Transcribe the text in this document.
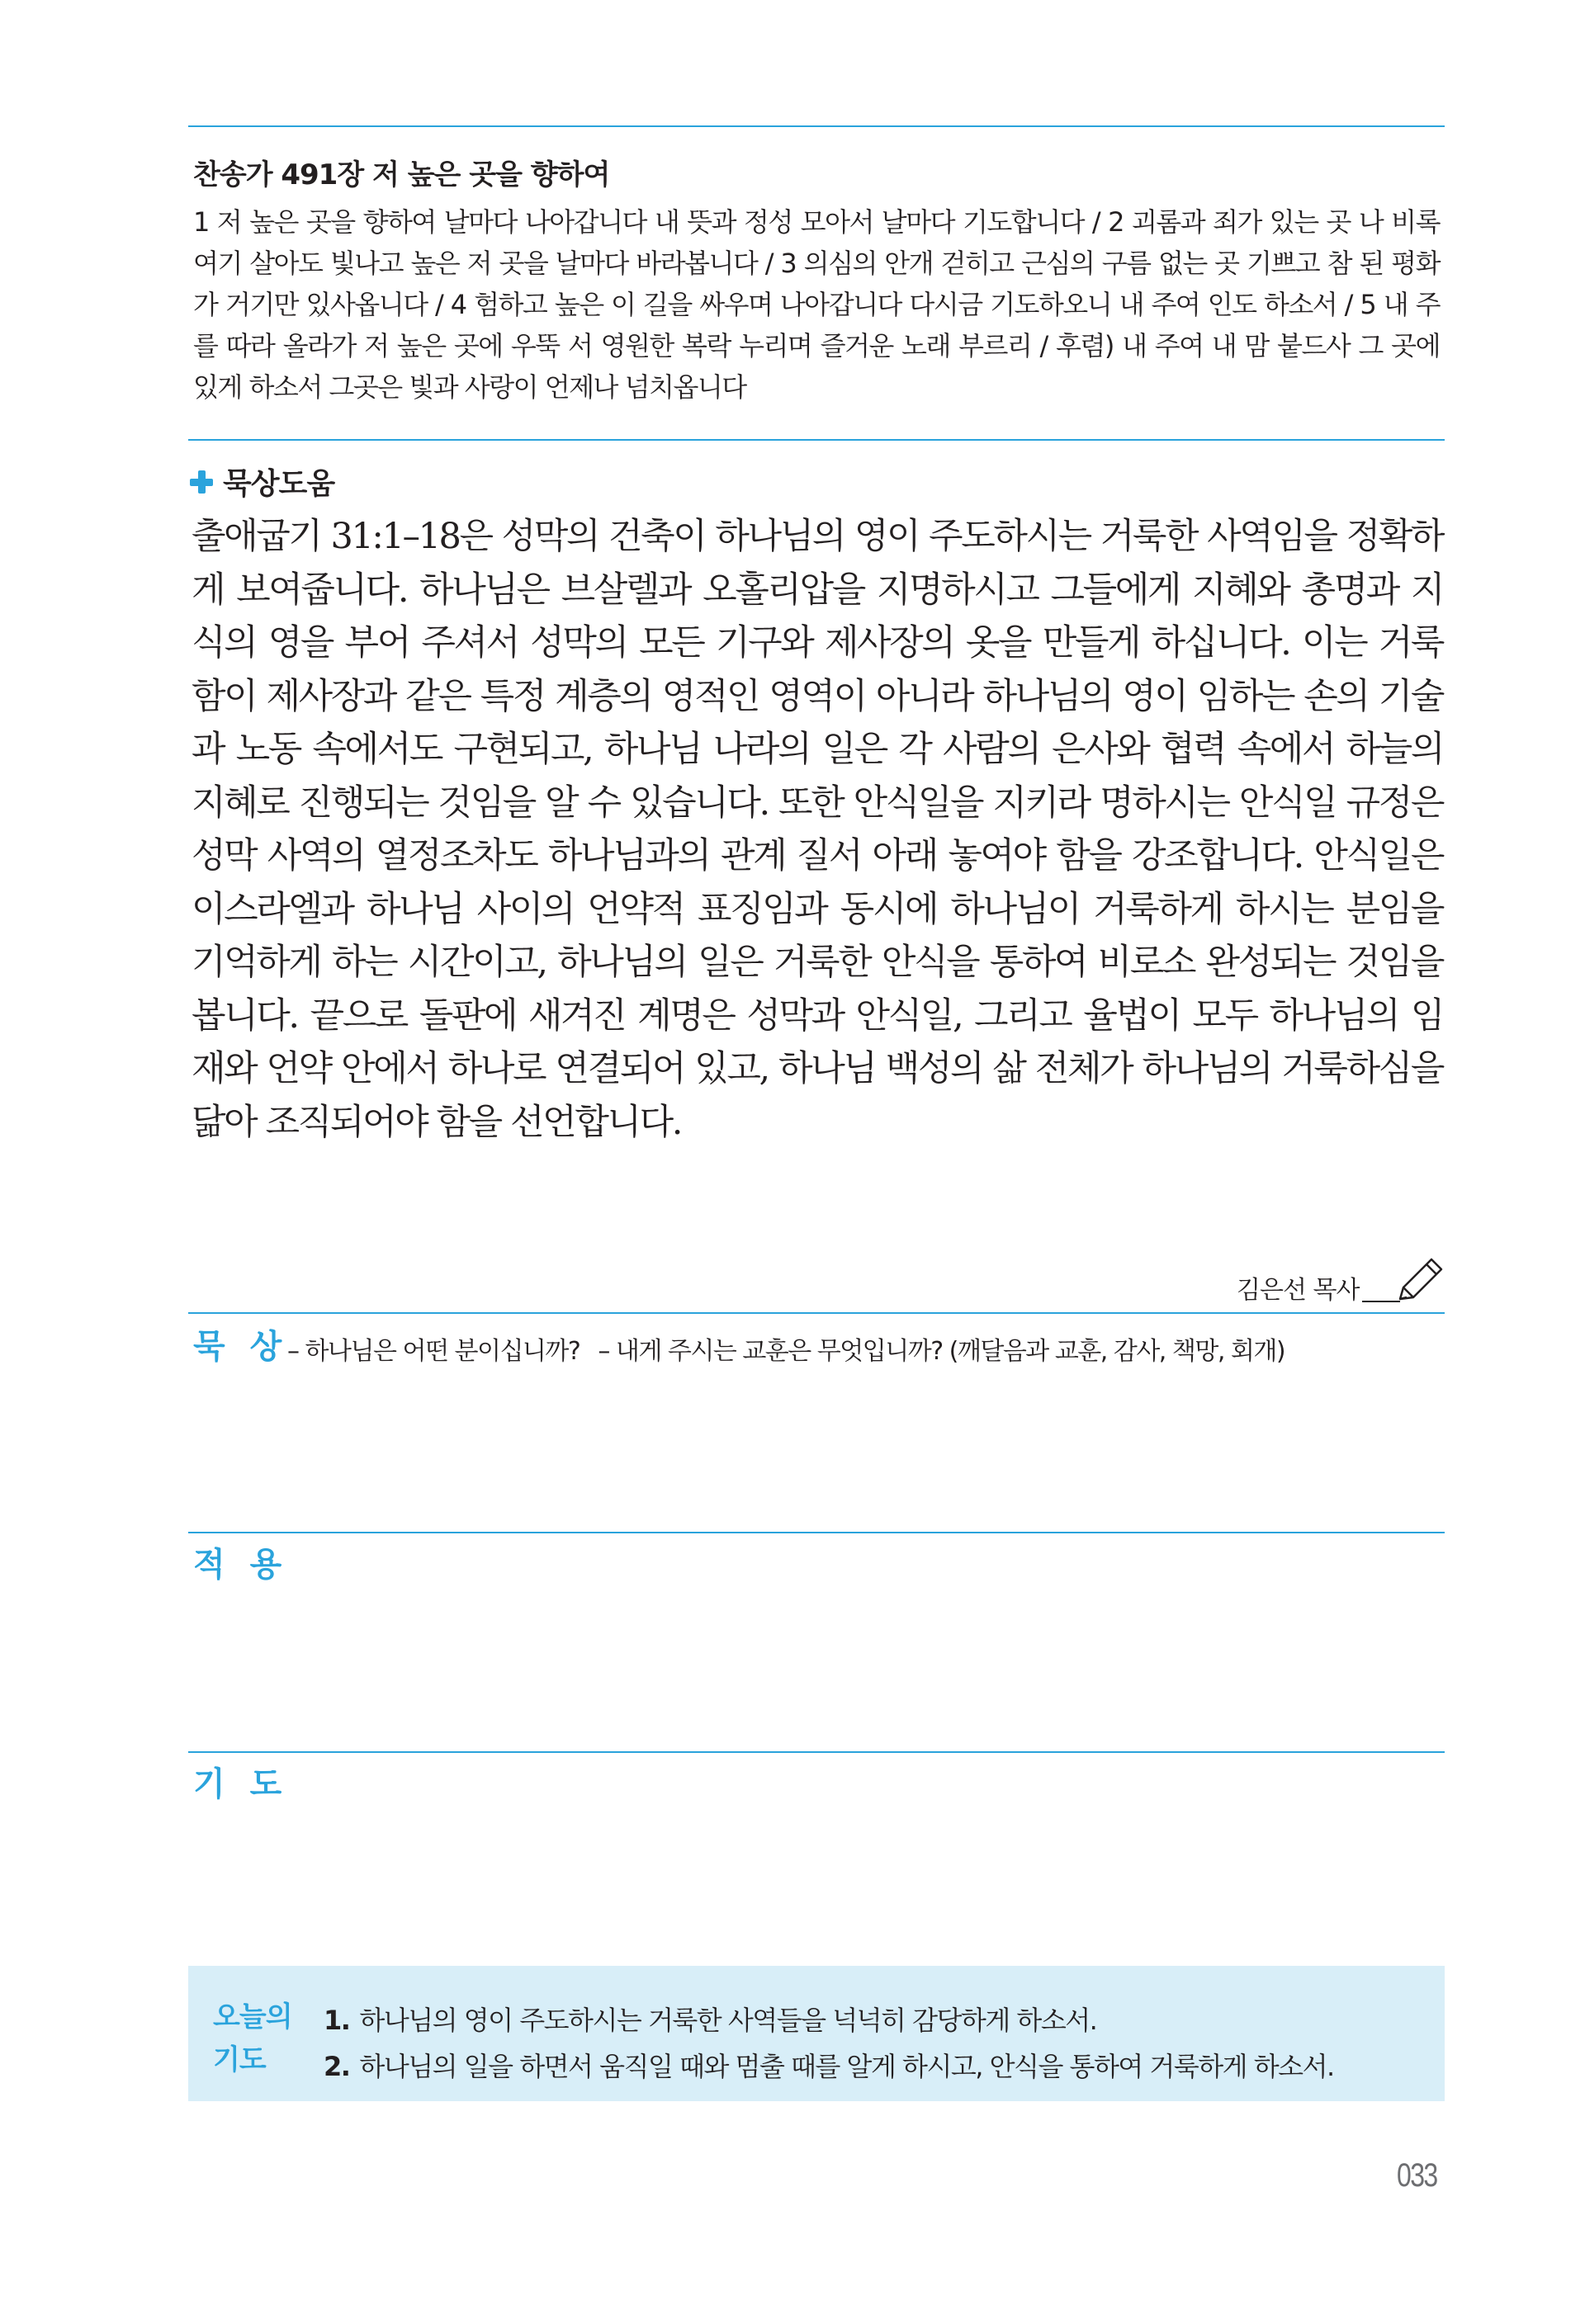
찬송가 491장 저 높은 곳을 향하여
1 저 높은 곳을 향하여 날마다 나아갑니다 내 뜻과 정성 모아서 날마다 기도합니다 / 2 괴롬과 죄가 있는 곳 나 비록 여기 살아도 빛나고 높은 저 곳을 날마다 바라봅니다 / 3 의심의 안개 걷히고 근심의 구름 없는 곳 기쁘고 참 된 평화가 거기만 있사옵니다 / 4 험하고 높은 이 길을 싸우며 나아갑니다 다시금 기도하오니 내 주여 인도 하소서 / 5 내 주를 따라 올라가 저 높은 곳에 우뚝 서 영원한 복락 누리며 즐거운 노래 부르리 / 후렴) 내 주여 내 맘 붙드사 그 곳에 있게 하소서 그곳은 빛과 사랑이 언제나 넘치옵니다
묵상도움
출애굽기 31:1–18은 성막의 건축이 하나님의 영이 주도하시는 거룩한 사역임을 정확하게 보여줍니다. 하나님은 브살렐과 오홀리압을 지명하시고 그들에게 지혜와 총명과 지식의 영을 부어 주셔서 성막의 모든 기구와 제사장의 옷을 만들게 하십니다. 이는 거룩함이 제사장과 같은 특정 계층의 영적인 영역이 아니라 하나님의 영이 임하는 손의 기술과 노동 속에서도 구현되고, 하나님 나라의 일은 각 사람의 은사와 협력 속에서 하늘의 지혜로 진행되는 것임을 알 수 있습니다. 또한 안식일을 지키라 명하시는 안식일 규정은 성막 사역의 열정조차도 하나님과의 관계 질서 아래 놓여야 함을 강조합니다. 안식일은 이스라엘과 하나님 사이의 언약적 표징임과 동시에 하나님이 거룩하게 하시는 분임을 기억하게 하는 시간이고, 하나님의 일은 거룩한 안식을 통하여 비로소 완성되는 것임을 봅니다. 끝으로 돌판에 새겨진 계명은 성막과 안식일, 그리고 율법이 모두 하나님의 임재와 언약 안에서 하나로 연결되어 있고, 하나님 백성의 삶 전체가 하나님의 거룩하심을 닮아 조직되어야 함을 선언합니다.
김은선 목사
묵 상
– 하나님은 어떤 분이십니까? – 내게 주시는 교훈은 무엇입니까? (깨달음과 교훈, 감사, 책망, 회개)
적 용
기 도
오늘의
기도
1. 하나님의 영이 주도하시는 거룩한 사역들을 넉넉히 감당하게 하소서.
2. 하나님의 일을 하면서 움직일 때와 멈출 때를 알게 하시고, 안식을 통하여 거룩하게 하소서.
033
